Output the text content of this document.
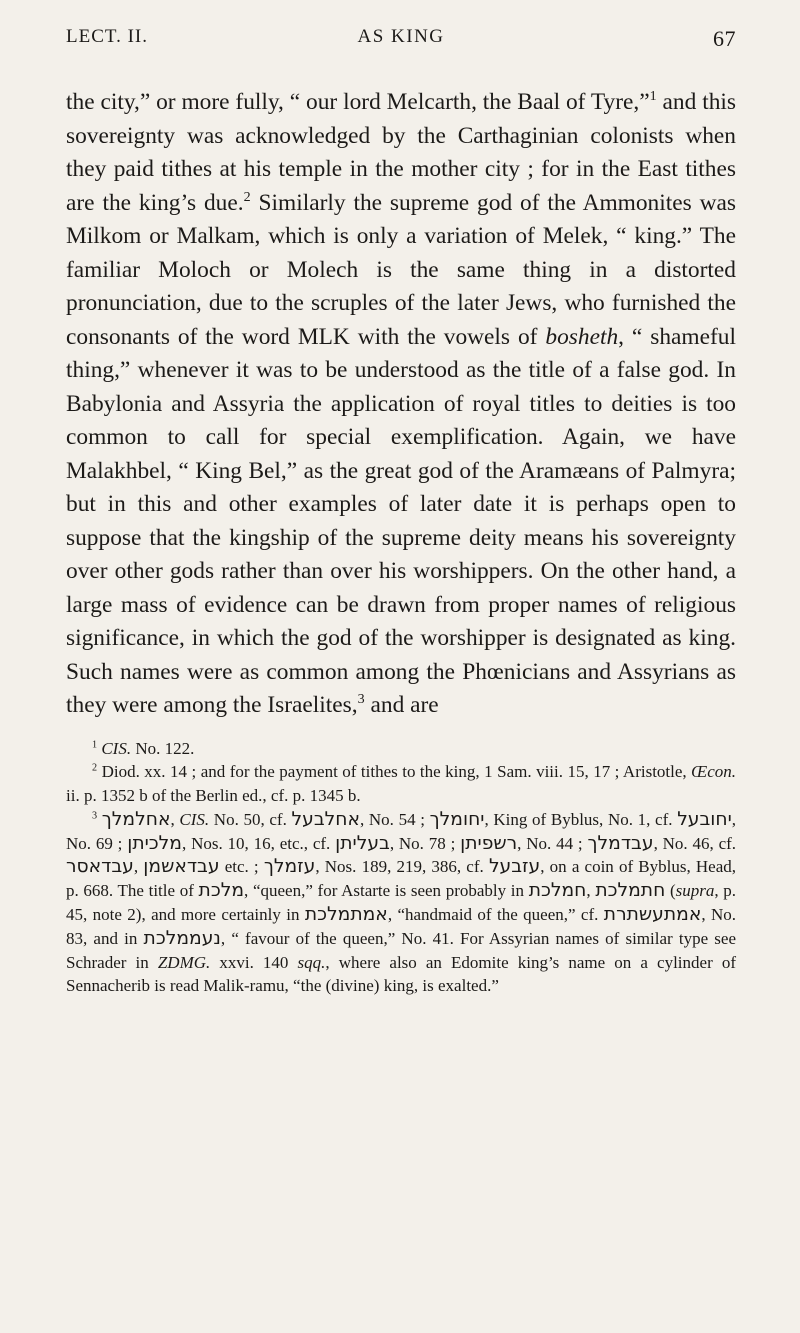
LECT. II.	AS KING	67

the city,” or more fully, “ our lord Melcarth, the Baal of Tyre,”$^1$ and this sovereignty was acknowledged by the Carthaginian colonists when they paid tithes at his temple in the mother city ; for in the East tithes are the king’s due.$^2$ Similarly the supreme god of the Ammonites was Milkom or Malkam, which is only a variation of Melek, “ king.” The familiar Moloch or Molech is the same thing in a distorted pronunciation, due to the scruples of the later Jews, who furnished the consonants of the word MLK with the vowels of bosheth, “ shameful thing,” whenever it was to be understood as the title of a false god. In Babylonia and Assyria the application of royal titles to deities is too common to call for special exemplification. Again, we have Malakhbel, “ King Bel,” as the great god of the Aramæans of Palmyra; but in this and other examples of later date it is perhaps open to suppose that the kingship of the supreme deity means his sovereignty over other gods rather than over his worshippers. On the other hand, a large mass of evidence can be drawn from proper names of religious significance, in which the god of the worshipper is designated as king. Such names were as common among the Phœnicians and Assyrians as they were among the Israelites,$^3$ and are

$^1$ CIS. No. 122.

$^2$ Diod. xx. 14 ; and for the payment of tithes to the king, 1 Sam. viii. 15, 17 ; Aristotle, Œcon. ii. p. 1352 b of the Berlin ed., cf. p. 1345 b.

$^3$ אחלמלך, CIS. No. 50, cf. אחלבעל, No. 54 ; יחומלך, King of Byblus, No. 1, cf. יחובעל, No. 69 ; מלכיתן, Nos. 10, 16, etc., cf. בעליתן, No. 78 ; רשפיתן, No. 44 ; עבדמלך, No. 46, cf. עבדאסר, עבדאשמן etc. ; עזמלך, Nos. 189, 219, 386, cf. עזבעל, on a coin of Byblus, Head, p. 668. The title of מלכת, “queen,” for Astarte is seen probably in חמלכת, חתמלכת (supra, p. 45, note 2), and more certainly in אמתמלכת, “handmaid of the queen,” cf. אמתעשתרת, No. 83, and in נעממלכת, “ favour of the queen,” No. 41. For Assyrian names of similar type see Schrader in ZDMG. xxvi. 140 sqq., where also an Edomite king’s name on a cylinder of Sennacherib is read Malik-ramu, “the (divine) king, is exalted.”
